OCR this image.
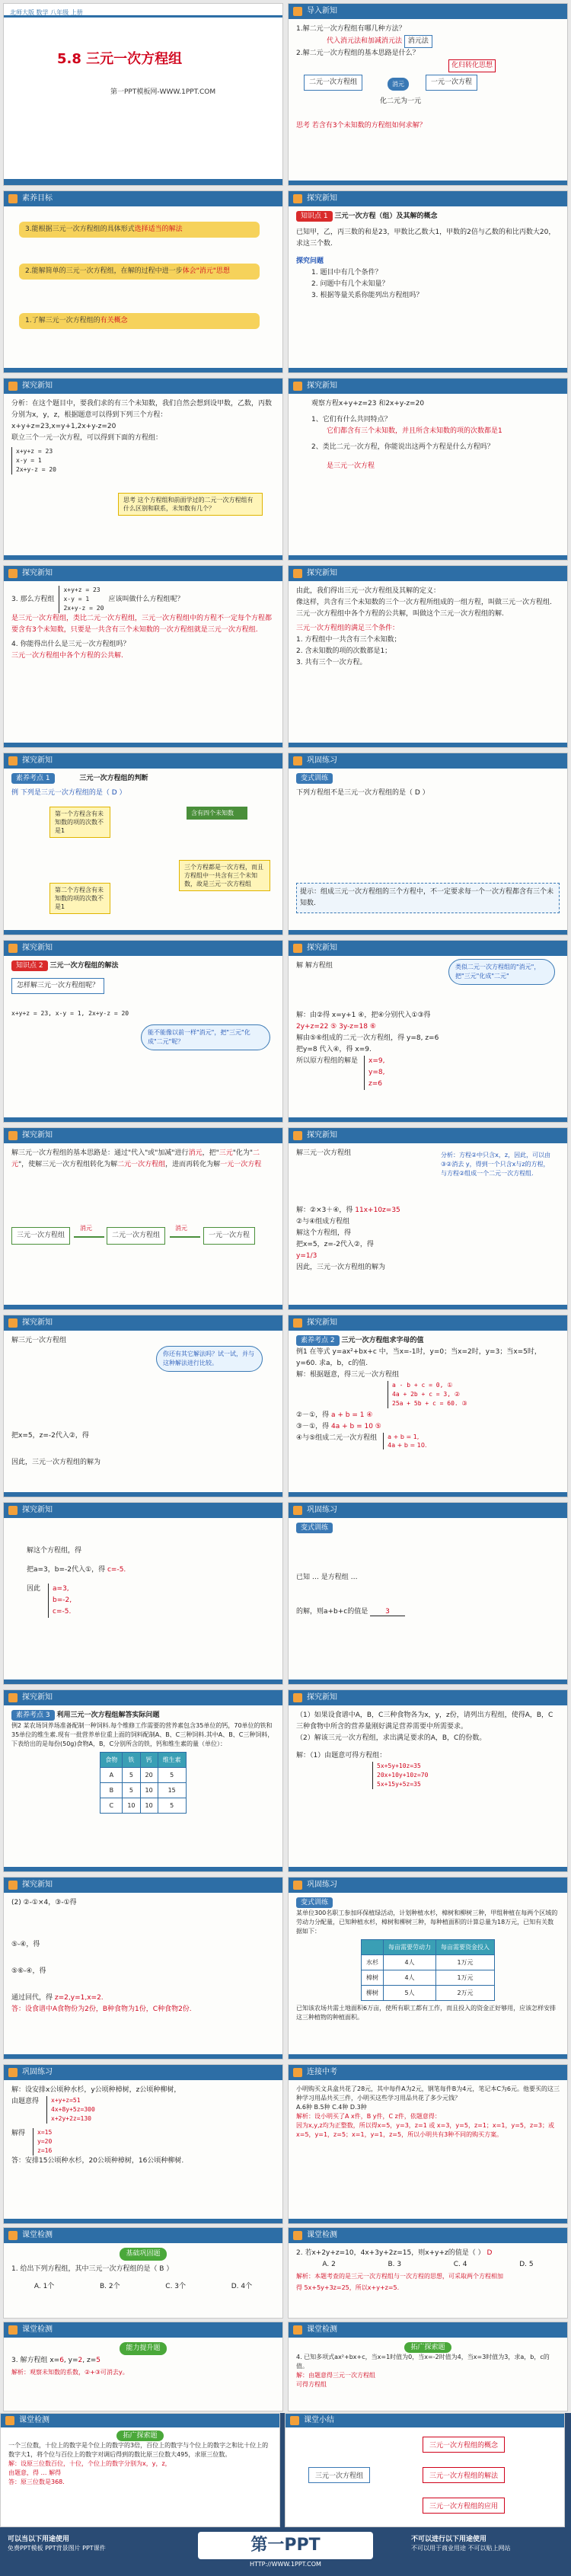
北师大版 数学 八年级 上册
5.8 三元一次方程组
第一PPT模板网-WWW.1PPT.COM
导入新知
1.解二元一次方程组有哪几种方法？
代入消元法和加减消元法 消元法
2.解二元一次方程组的基本思路是什么？
二元一次方程组	消元	一元一次方程
化归转化思想
化二元为一元
思考 若含有3个未知数的方程组如何求解？
素养目标
3.能根据三元一次方程组的具体形式选择适当的解法
2.能解简单的三元一次方程组，在解的过程中进一步体会"消元"思想
1.了解三元一次方程组的有关概念
探究新知
知识点 1 三元一次方程（组）及其解的概念
已知甲，乙，丙三数的和是23，甲数比乙数大1，甲数的2倍与乙数的和比丙数大20，求这三个数.
探究问题
1. 题目中有几个条件？
2. 问题中有几个未知量？
3. 根据等量关系你能列出方程组吗？
探究新知
分析：在这个题目中，要我们求的有三个未知数，我们自然会想到设甲数，乙数，丙数分别为x，y，z，根据题意可以得到下列三个方程：
x+y+z=23,x=y+1,2x+y-z=20
联立三个一元一次方程，可以得到下面的方程组：
x+y+z = 23
x-y = 1
2x+y-z = 20
思考 这个方程组和前面学过的二元一次方程组有什么区别和联系，未知数有几个？
探究新知
观察方程x+y+z=23 和2x+y-z=20
1、它们有什么共同特点？
它们都含有三个未知数，并且所含未知数的项的次数都是1
2、类比二元一次方程，你能说出这两个方程是什么方程吗？
是三元一次方程
探究新知
3. 那么方程组
x+y+z = 23
x-y = 1
2x+y-z = 20
应该叫做什么方程组呢？
是三元一次方程组，类比二元一次方程组，三元一次方程组中的方程不一定每个方程都要含有3个未知数，只要是一共含有三个未知数的一次方程组就是三元一次方程组.
4. 你能得出什么是三元一次方程组吗？
三元一次方程组中各个方程的公共解.
探究新知
由此，我们得出三元一次方程组及其解的定义：
像这样，共含有三个未知数的三个一次方程所组成的一组方程，叫做三元一次方程组.
三元一次方程组中各个方程的公共解，叫做这个三元一次方程组的解.
三元一次方程组的满足三个条件：
1. 方程组中一共含有三个未知数；
2. 含未知数的项的次数都是1；
3. 共有三个一次方程。
探究新知
素养考点 1	三元一次方程组的判断
例 下列是三元一次方程组的是（ D ）
第一个方程含有未知数的项的次数不是1
含有四个未知数
第二个方程含有未知数的项的次数不是1
三个方程都是一次方程，而且方程组中一共含有三个未知数，故是三元一次方程组
巩固练习
变式训练
下列方程组不是三元一次方程组的是（ D ）
提示：组成三元一次方程组的三个方程中，不一定要求每一个一次方程都含有三个未知数.
探究新知
知识点 2 三元一次方程组的解法
怎样解三元一次方程组呢？
x+y+z = 23, x-y = 1, 2x+y-z = 20
能不能像以前一样"消元"，把"三元"化成"二元"呢？
探究新知
解 解方程组	类似二元一次方程组的"消元"，把"三元"化成"二元"
解：由②得 x=y+1 ④，把④分别代入①③得
2y+z=22 ⑤ 3y-z=18 ⑥
解由⑤⑥组成的二元一次方程组，得 y=8, z=6
把y=8 代入④，得 x=9.
所以原方程组的解是 x=9,
y=8,
z=6
探究新知
解三元一次方程组的基本思路是：通过"代入"或"加减"进行消元，把"三元"化为"二元"，使解三元一次方程组转化为解二元一次方程组，进而再转化为解一元一次方程
三元一次方程组
消元
二元一次方程组
消元
一元一次方程
探究新知
解三元一次方程组	分析：方程②中只含x，z，因此，可以由③②消去 y，得到一个只含x与z的方程，与方程②组成一个二元一次方程组.
解：②×3＋④，得 11x+10z=35
②与④组成方程组
解这个方程组，得
把x=5，z=-2代入②，得
y=1/3
因此，三元一次方程组的解为
探究新知
解三元一次方程组
你还有其它解法吗？试一试，并与这种解法进行比较。
把x=5，z=-2代入②，得
因此，三元一次方程组的解为
探究新知
素养考点 2 三元一次方程组求字母的值
例1 在等式 y=ax²+bx+c 中，当x=-1时，y=0；当x=2时，y=3；当x=5时，y=60. 求a，b，c的值.
解：根据题意，得三元一次方程组
a - b + c = 0, ①
4a + 2b + c = 3, ②
25a + 5b + c = 60. ③
②－①，得 a + b = 1 ④
③－①，得 4a + b = 10 ⑤
④与⑤组成二元一次方程组 a + b = 1,
4a + b = 10.
探究新知
解这个方程组，得
把a=3，b=-2代入①，得 c=-5.
因此 a=3,
b=-2,
c=-5.
巩固练习
变式训练
已知 … 是方程组 …
的解，则a+b+c的值是	3
探究新知
素养考点 3 利用三元一次方程组解答实际问题
例2 某农场饲养场准备配制一种饲料.每个维修工作需要的营养素包含35单位的钙，70单位的铁和35单位的维生素.现有一批营养单位重上面的饲料配制A、B、C三种饲料.其中A、B、C三种饲料，下表给出的是每份(50g)食物A，B，C分别所含的铁，钙和维生素的量（单位）：
食物	铁	钙	维生素
A	5	20	5
B	5	10	15
C	10	10	5
探究新知
（1）如果设食谱中A，B，C三种食物各为x，y，z份，请列出方程组，使得A，B，C三种食物中所含的营养量刚好满足营养需要中所需要求。
（2）解该三元一次方程组，求出满足要求的A，B，C的份数。
解：（1）由题意可得方程组：
5x+5y+10z=35
20x+10y+10z=70
5x+15y+5z=35
探究新知
(2) ②-①×4，③-①得
⑤-④，得
⑤⑥-④，得
通过回代，得 z=2,y=1,x=2.
答：设食谱中A食物份为2份，B种食物为1份，C种食物2份.
巩固练习
变式训练
某单位300名职工参加环保植绿活动，计划种植水杉，樟树和柳树三种，甲组种植在每两个区域的劳动力分配量，已知种植水杉，樟树和柳树三种，每种植面积的计算总量为18万元，已知有关数据如下：
	每亩需要劳动力	每亩需要资金投入
水杉	4人	1万元
樟树	4人	1万元
柳树	5人	2万元
已知该农场共需土地面积6万亩，使所有职工都有工作，而且投入的资金正好够用，应该怎样安排这三种植物的种植面积。
巩固练习
解：设安排x公顷种水杉，y公顷种樟树，z公顷种柳树，
由题意得 x+y+z=51
4x+8y+5z=300
x+2y+2z=130
解得 x=15
y=20
z=16
答：安排15公顷种水杉，20公顷种樟树，16公顷种柳树.
连接中考
小明购买文具盒共花了28元，其中每件A为2元，钢笔每件B为4元，笔记本C为6元。他要买的这三种学习用品共买三件，小明买这些学习用品共花了多少元钱？
A.6种 B.5种 C.4种 D.3种
解析：设小明买了A x件，B y件，C z件，依题意得：
因为x,y,z均为正整数，所以得x=5，y=3，z=1 或 x=3，y=5，z=1；x=1，y=5，z=3；或x=5，y=1，z=5；x=1，y=1，z=5，所以小明共有3种不同的购买方案。
课堂检测
基础巩固题
1. 给出下列方程组，其中三元一次方程组的是（ B ）
A. 1个	B. 2个	C. 3个	D. 4个
课堂检测
2. 若x+2y+z=10，4x+3y+2z=15，则x+y+z的值是（ ） D
A. 2	B. 3	C. 4	D. 5
解析：本题考查的是三元一次方程组与一次方程的思想，可采取两个方程相加
得 5x+5y+3z=25，所以x+y+z=5.
课堂检测
能力提升题
3. 解方程组 x=6, y=2, z=5
解析：观察未知数的系数，②+③可消去y。
课堂检测
拓广探索题
4. 已知多项式ax²+bx+c，当x=1时值为0，当x=-2时值为4，当x=3时值为3，求a，b，c的值。
解：由题意得三元一次方程组
可得方程组
课堂检测
拓广探索题
一个三位数，十位上的数字是个位上的数字的3倍，百位上的数字与个位上的数字之和比十位上的数字大1，将个位与百位上的数字对调后得到的数比原三位数大495，求原三位数。
解：设原三位数百位，十位，个位上的数字分别为x，y，z，
由题意，得 … 解得
答：原三位数是368.
课堂小结
三元一次方程组
三元一次方程组的概念
三元一次方程组的解法
三元一次方程组的应用
第一PPT
HTTP://WWW.1PPT.COM
可以当以下用途使用
免费PPT模板 PPT背景图片 PPT课件
不可以进行以下用途使用
不可以用于商业用途 不可以贴上网站
